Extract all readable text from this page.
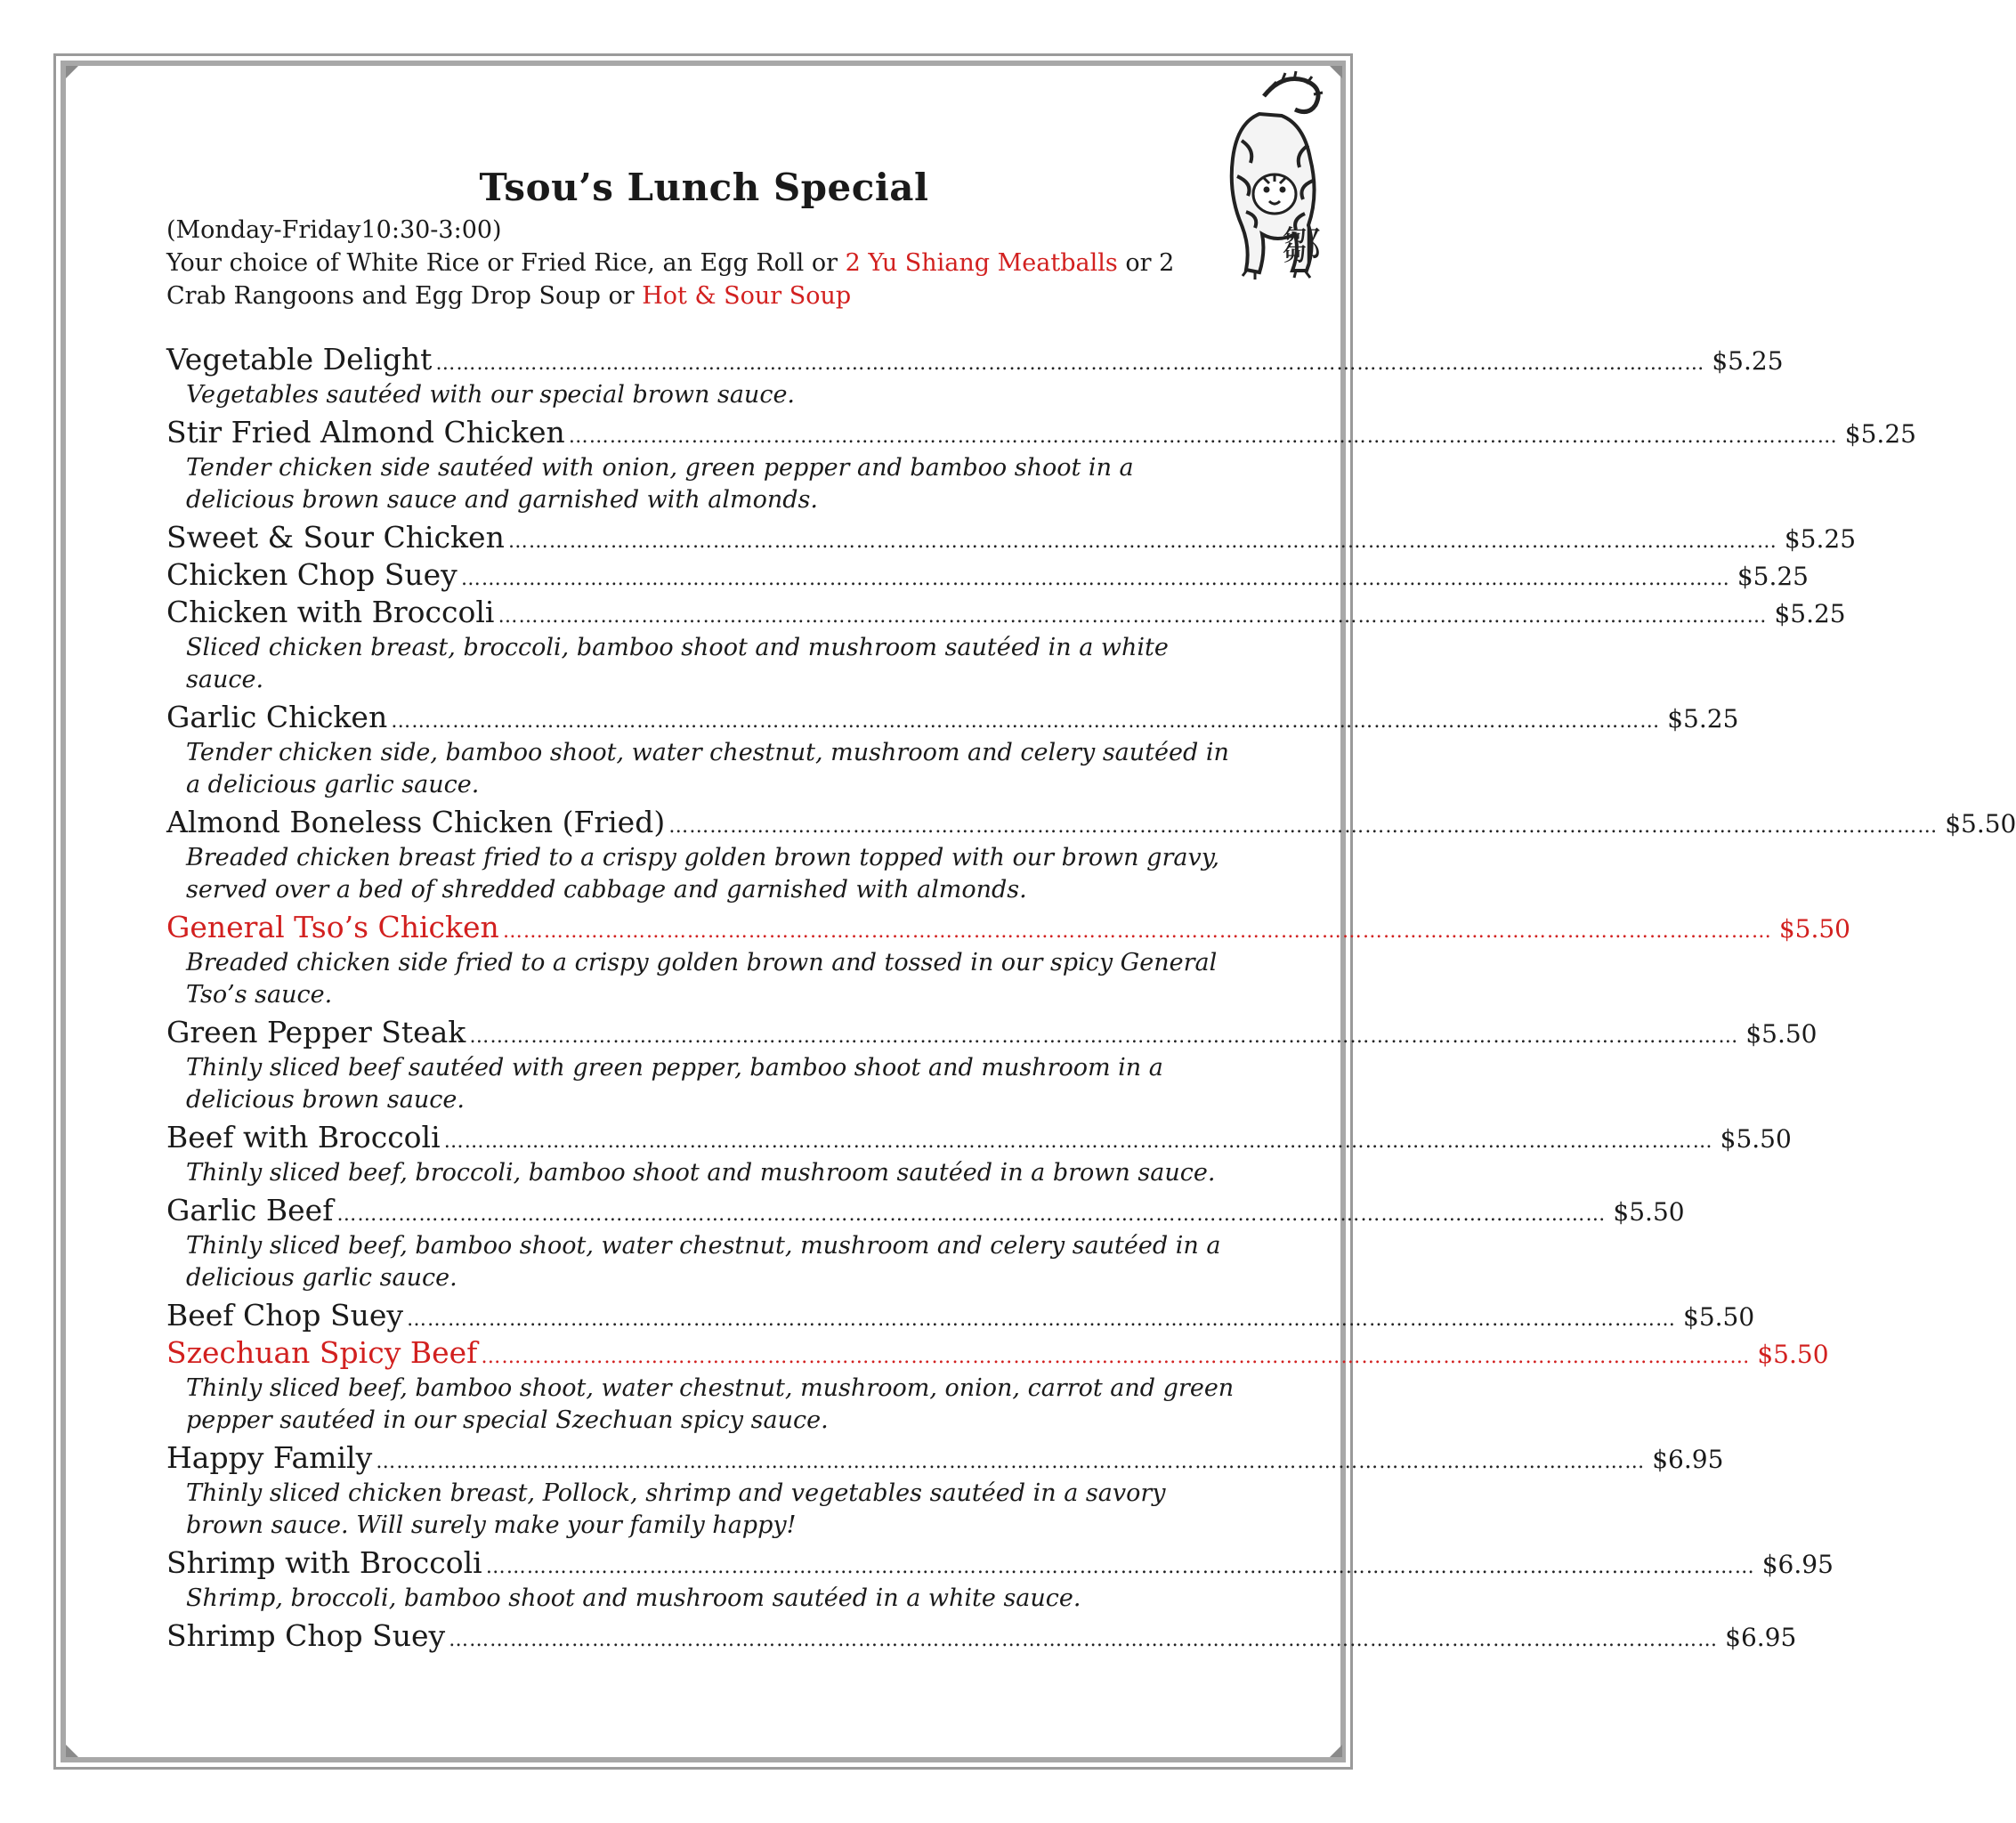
鄒
Tsou’s Lunch Special
(Monday-Friday10:30-3:00)
Your choice of White Rice or Fried Rice, an Egg Roll or 2 Yu Shiang Meatballs or 2 Crab Rangoons and Egg Drop Soup or Hot & Sour Soup
Vegetable Delight …………………………………………………………………………………………………………………………………………………………………… $5.25
Vegetables sautéed with our special brown sauce.
Stir Fried Almond Chicken …………………………………………………………………………………………………………………………………………………………………… $5.25
Tender chicken side sautéed with onion, green pepper and bamboo shoot in a delicious brown sauce and garnished with almonds.
Sweet & Sour Chicken …………………………………………………………………………………………………………………………………………………………………… $5.25
Chicken Chop Suey …………………………………………………………………………………………………………………………………………………………………… $5.25
Chicken with Broccoli …………………………………………………………………………………………………………………………………………………………………… $5.25
Sliced chicken breast, broccoli, bamboo shoot and mushroom sautéed in a white sauce.
Garlic Chicken …………………………………………………………………………………………………………………………………………………………………… $5.25
Tender chicken side, bamboo shoot, water chestnut, mushroom and celery sautéed in a delicious garlic sauce.
Almond Boneless Chicken (Fried) …………………………………………………………………………………………………………………………………………………………………… $5.50
Breaded chicken breast fried to a crispy golden brown topped with our brown gravy, served over a bed of shredded cabbage and garnished with almonds.
General Tso’s Chicken …………………………………………………………………………………………………………………………………………………………………… $5.50
Breaded chicken side fried to a crispy golden brown and tossed in our spicy General Tso’s sauce.
Green Pepper Steak …………………………………………………………………………………………………………………………………………………………………… $5.50
Thinly sliced beef sautéed with green pepper, bamboo shoot and mushroom in a delicious brown sauce.
Beef with Broccoli …………………………………………………………………………………………………………………………………………………………………… $5.50
Thinly sliced beef, broccoli, bamboo shoot and mushroom sautéed in a brown sauce.
Garlic Beef …………………………………………………………………………………………………………………………………………………………………… $5.50
Thinly sliced beef, bamboo shoot, water chestnut, mushroom and celery sautéed in a delicious garlic sauce.
Beef Chop Suey …………………………………………………………………………………………………………………………………………………………………… $5.50
Szechuan Spicy Beef …………………………………………………………………………………………………………………………………………………………………… $5.50
Thinly sliced beef, bamboo shoot, water chestnut, mushroom, onion, carrot and green pepper sautéed in our special Szechuan spicy sauce.
Happy Family …………………………………………………………………………………………………………………………………………………………………… $6.95
Thinly sliced chicken breast, Pollock, shrimp and vegetables sautéed in a savory brown sauce. Will surely make your family happy!
Shrimp with Broccoli …………………………………………………………………………………………………………………………………………………………………… $6.95
Shrimp, broccoli, bamboo shoot and mushroom sautéed in a white sauce.
Shrimp Chop Suey …………………………………………………………………………………………………………………………………………………………………… $6.95
